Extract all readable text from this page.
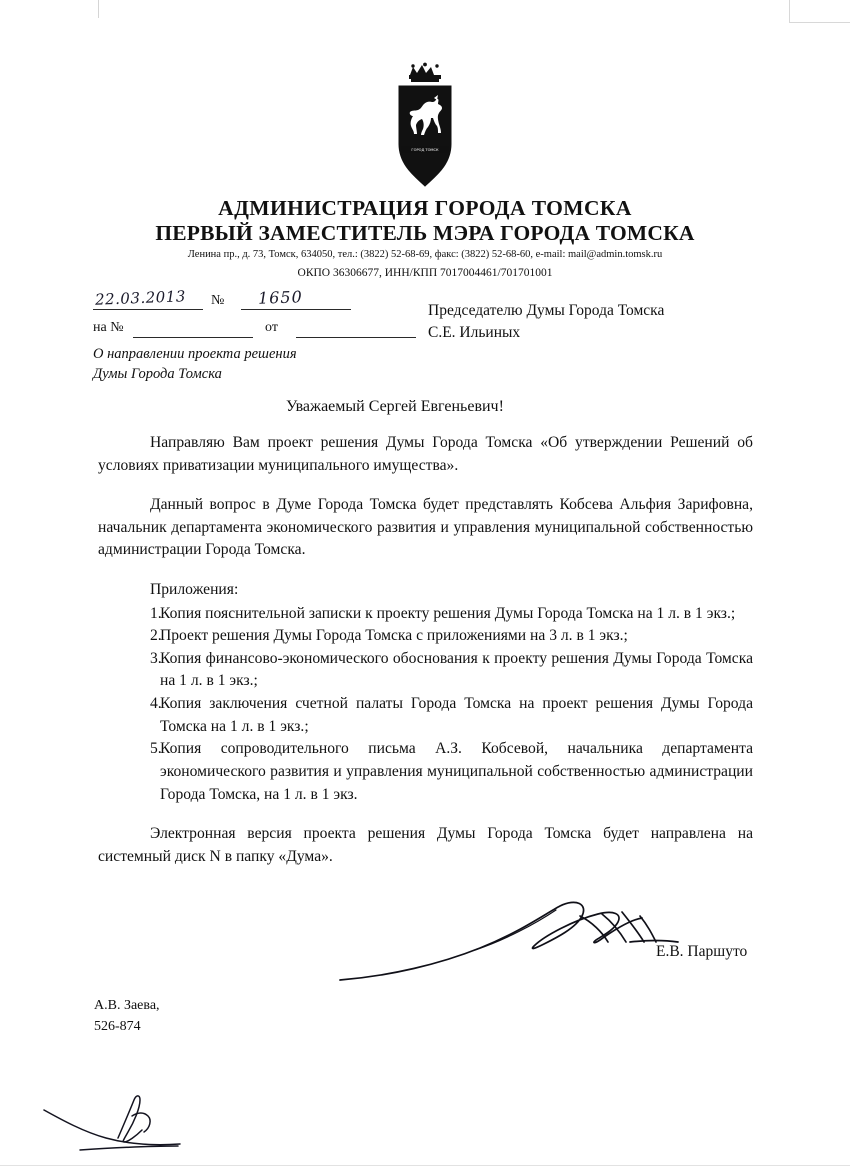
ГОРОД ТОМСК
АДМИНИСТРАЦИЯ ГОРОДА ТОМСКА
ПЕРВЫЙ ЗАМЕСТИТЕЛЬ МЭРА ГОРОДА ТОМСКА
Ленина пр., д. 73, Томск, 634050, тел.: (3822) 52-68-69, факс: (3822) 52-68-60, e-mail: mail@admin.tomsk.ru
ОКПО 36306677, ИНН/КПП 7017004461/701701001
22.03.2013 № 1650
на №	от
О направлении проекта решения
Думы Города Томска
Председателю Думы Города Томска
С.Е. Ильиных
Уважаемый Сергей Евгеньевич!

Направляю Вам проект решения Думы Города Томска «Об утверждении Решений об условиях приватизации муниципального имущества».

Данный вопрос в Думе Города Томска будет представлять Кобсева Альфия Зарифовна, начальник департамента экономического развития и управления муниципальной собственностью администрации Города Томска.

Приложения:
1.
Копия пояснительной записки к проекту решения Думы Города Томска на 1 л. в 1 экз.;
2.
Проект решения Думы Города Томска с приложениями на 3 л. в 1 экз.;
3.
Копия финансово-экономического обоснования к проекту решения Думы Города Томска на 1 л. в 1 экз.;
4.
Копия заключения счетной палаты Города Томска на проект решения Думы Города Томска на 1 л. в 1 экз.;
5.
Копия сопроводительного письма А.З. Кобсевой, начальника департамента экономического развития и управления муниципальной собственностью администрации Города Томска, на 1 л. в 1 экз.

Электронная версия проекта решения Думы Города Томска будет направлена на системный диск N в папку «Дума».

Е.В. Паршуто
А.В. Заева,
526-874
